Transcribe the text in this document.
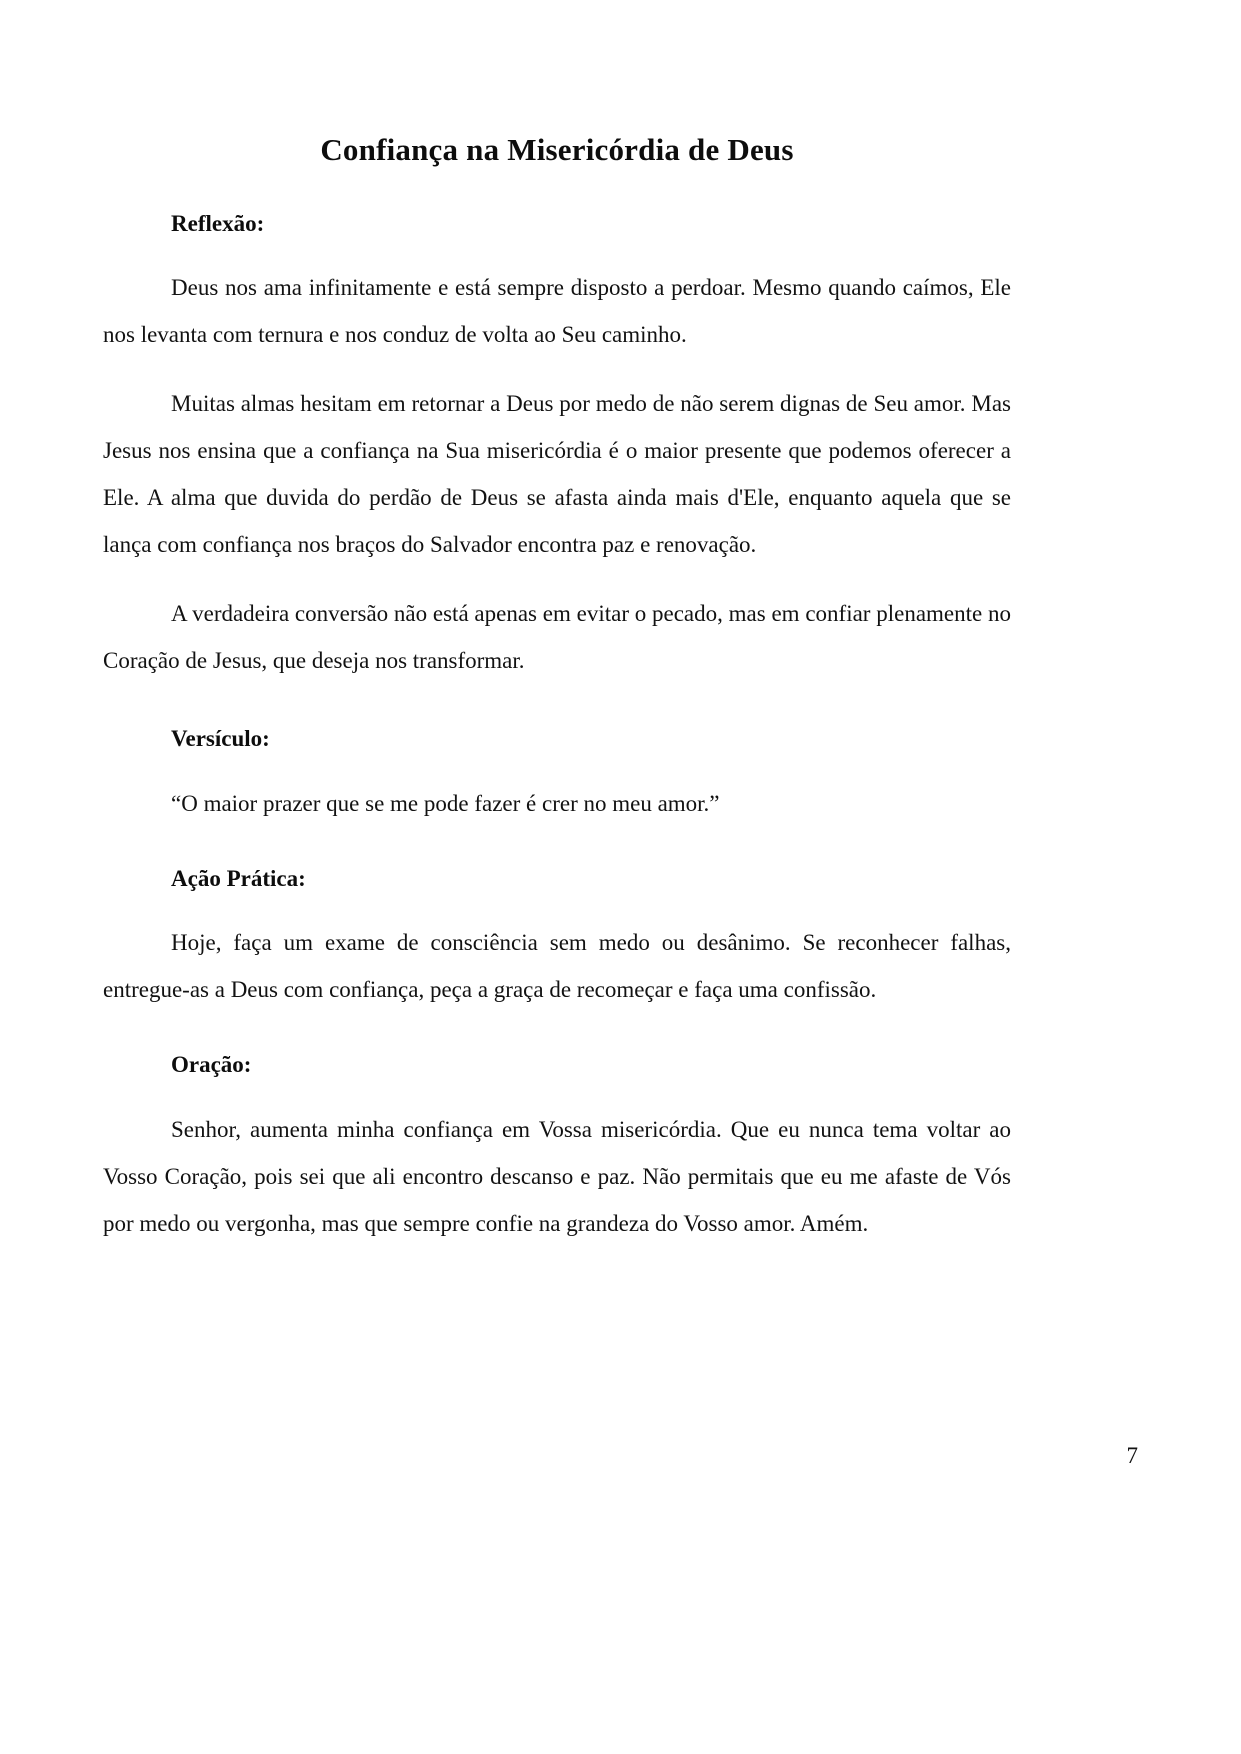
Confiança na Misericórdia de Deus

Reflexão:

Deus nos ama infinitamente e está sempre disposto a perdoar. Mesmo quando caímos, Ele nos levanta com ternura e nos conduz de volta ao Seu caminho.

Muitas almas hesitam em retornar a Deus por medo de não serem dignas de Seu amor. Mas Jesus nos ensina que a confiança na Sua misericórdia é o maior presente que podemos oferecer a Ele. A alma que duvida do perdão de Deus se afasta ainda mais d'Ele, enquanto aquela que se lança com confiança nos braços do Salvador encontra paz e renovação.

A verdadeira conversão não está apenas em evitar o pecado, mas em confiar plenamente no Coração de Jesus, que deseja nos transformar.

Versículo:

“O maior prazer que se me pode fazer é crer no meu amor.”

Ação Prática:

Hoje, faça um exame de consciência sem medo ou desânimo. Se reconhecer falhas, entregue-as a Deus com confiança, peça a graça de recomeçar e faça uma confissão.

Oração:

Senhor, aumenta minha confiança em Vossa misericórdia. Que eu nunca tema voltar ao Vosso Coração, pois sei que ali encontro descanso e paz. Não permitais que eu me afaste de Vós por medo ou vergonha, mas que sempre confie na grandeza do Vosso amor. Amém.

7
